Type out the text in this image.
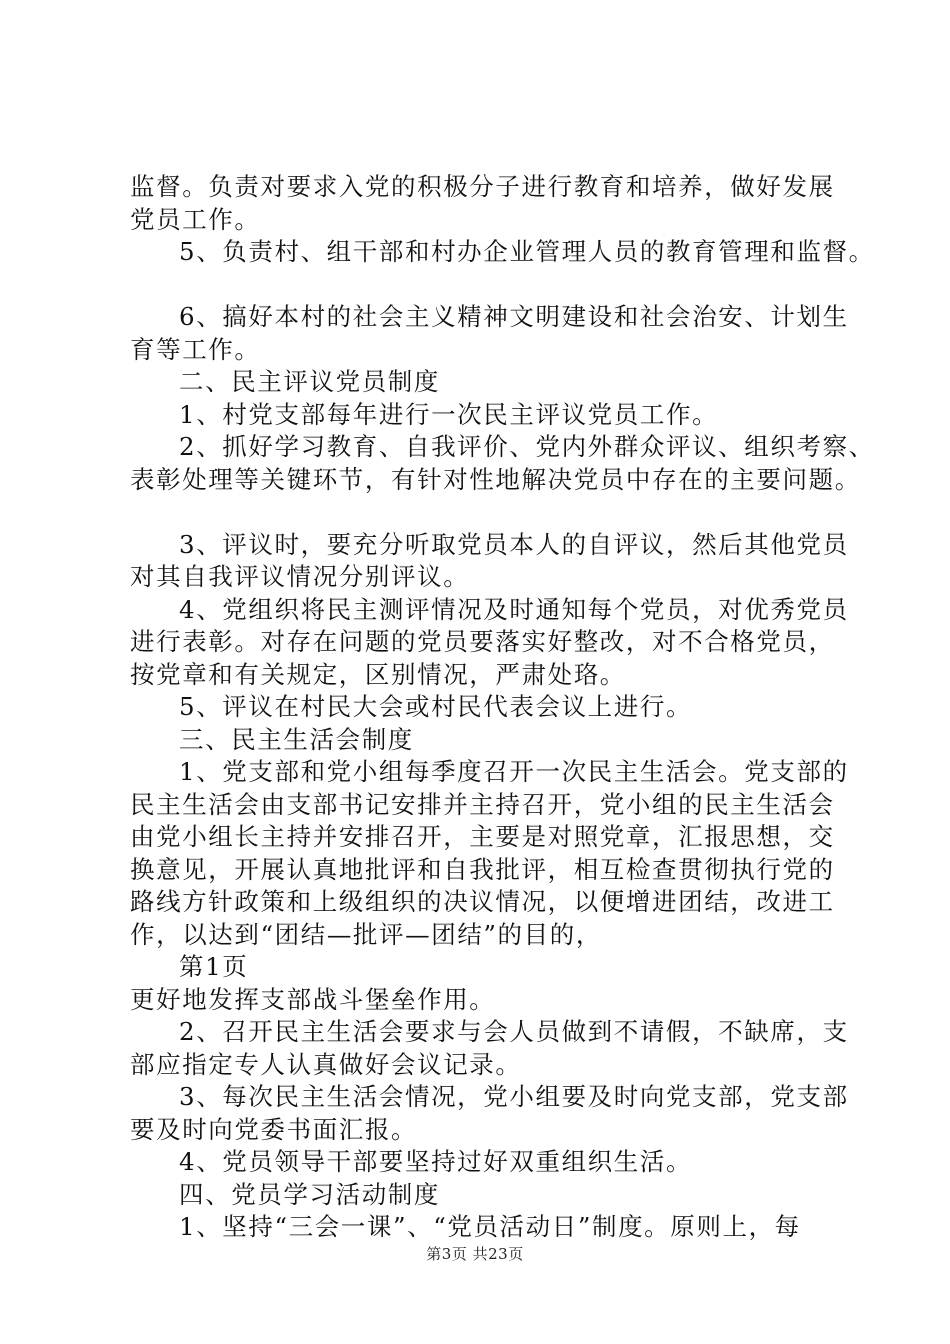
监督。负责对要求入党的积极分子进行教育和培养，做好发展
党员工作。
5、负责村、组干部和村办企业管理人员的教育管理和监督。
6、搞好本村的社会主义精神文明建设和社会治安、计划生
育等工作。
二、民主评议党员制度
1、村党支部每年进行一次民主评议党员工作。
2、抓好学习教育、自我评价、党内外群众评议、组织考察、
表彰处理等关键环节，有针对性地解决党员中存在的主要问题。
3、评议时，要充分听取党员本人的自评议，然后其他党员
对其自我评议情况分别评议。
4、党组织将民主测评情况及时通知每个党员，对优秀党员
进行表彰。对存在问题的党员要落实好整改，对不合格党员，
按党章和有关规定，区别情况，严肃处珞。
5、评议在村民大会或村民代表会议上进行。
三、民主生活会制度
1、党支部和党小组每季度召开一次民主生活会。党支部的
民主生活会由支部书记安排并主持召开，党小组的民主生活会
由党小组长主持并安排召开，主要是对照党章，汇报思想，交
换意见，开展认真地批评和自我批评，相互检查贯彻执行党的
路线方针政策和上级组织的决议情况，以便增进团结，改进工
作，以达到“团结—批评—团结”的目的，
第1页
更好地发挥支部战斗堡垒作用。
2、召开民主生活会要求与会人员做到不请假，不缺席，支
部应指定专人认真做好会议记录。
3、每次民主生活会情况，党小组要及时向党支部，党支部
要及时向党委书面汇报。
4、党员领导干部要坚持过好双重组织生活。
四、党员学习活动制度
1、坚持“三会一课”、“党员活动日”制度。原则上，每
第3页 共23页
